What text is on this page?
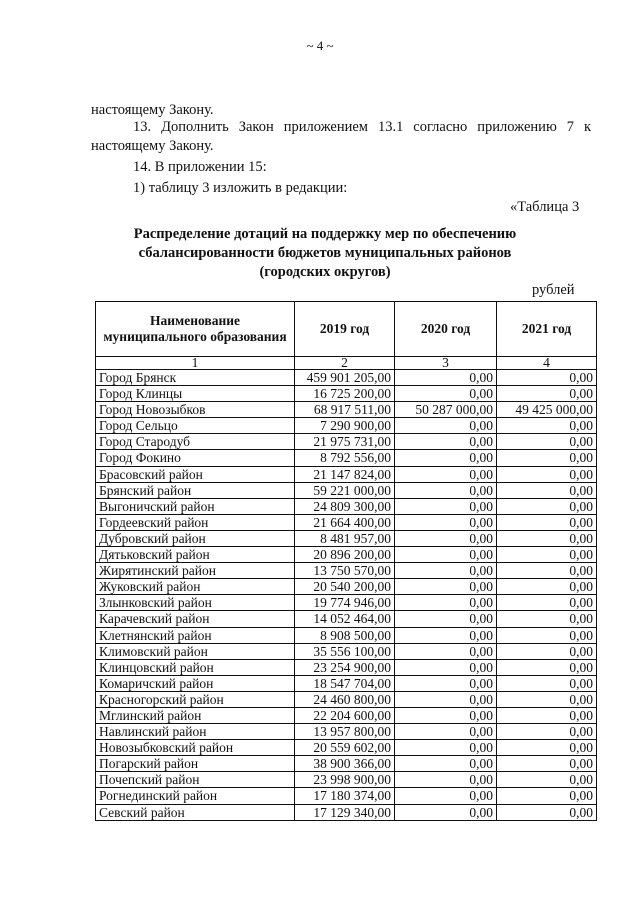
~ 4 ~
настоящему Закону.
13. Дополнить Закон приложением 13.1 согласно приложению 7 к
настоящему Закону.
14. В приложении 15:
1) таблицу 3 изложить в редакции:
«Таблица 3
Распределение дотаций на поддержку мер по обеспечению
сбалансированности бюджетов муниципальных районов
(городских округов)
рублей
Наименование муниципального образования	2019 год	2020 год	2021 год
1	2	3	4
Город Брянск	459 901 205,00	0,00	0,00
Город Клинцы	16 725 200,00	0,00	0,00
Город Новозыбков	68 917 511,00	50 287 000,00	49 425 000,00
Город Сельцо	7 290 900,00	0,00	0,00
Город Стародуб	21 975 731,00	0,00	0,00
Город Фокино	8 792 556,00	0,00	0,00
Брасовский район	21 147 824,00	0,00	0,00
Брянский район	59 221 000,00	0,00	0,00
Выгоничский район	24 809 300,00	0,00	0,00
Гордеевский район	21 664 400,00	0,00	0,00
Дубровский район	8 481 957,00	0,00	0,00
Дятьковский район	20 896 200,00	0,00	0,00
Жирятинский район	13 750 570,00	0,00	0,00
Жуковский район	20 540 200,00	0,00	0,00
Злынковский район	19 774 946,00	0,00	0,00
Карачевский район	14 052 464,00	0,00	0,00
Клетнянский район	8 908 500,00	0,00	0,00
Климовский район	35 556 100,00	0,00	0,00
Клинцовский район	23 254 900,00	0,00	0,00
Комаричский район	18 547 704,00	0,00	0,00
Красногорский район	24 460 800,00	0,00	0,00
Мглинский район	22 204 600,00	0,00	0,00
Навлинский район	13 957 800,00	0,00	0,00
Новозыбковский район	20 559 602,00	0,00	0,00
Погарский район	38 900 366,00	0,00	0,00
Почепский район	23 998 900,00	0,00	0,00
Рогнединский район	17 180 374,00	0,00	0,00
Севский район	17 129 340,00	0,00	0,00
